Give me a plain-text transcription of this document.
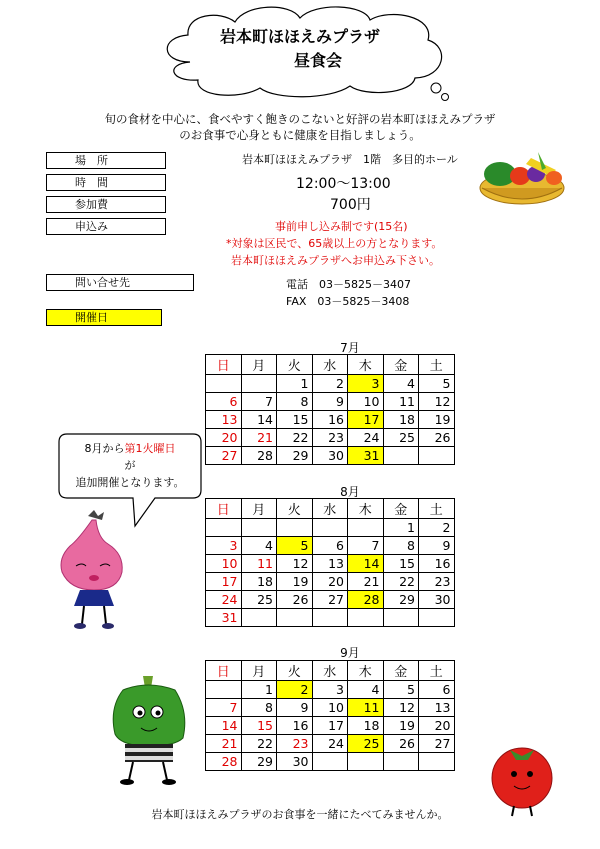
岩本町ほほえみプラザ
昼食会
旬の食材を中心に、食べやすく飽きのこないと好評の岩本町ほほえみプラザ
のお食事で心身ともに健康を目指しましょう。
場　所	岩本町ほほえみプラザ　1階　多目的ホール
時　間	12:00～13:00
参加費	700円
申込み	事前申し込み制です(15名)
*対象は区民で、65歳以上の方となります。
岩本町ほほえみプラザへお申込み下さい。
問い合せ先	電話　03－5825－3407
FAX　03－5825－3408
開催日
7月
日	月	火	水	木	金	土
		1	2	3	4	5
6	7	8	9	10	11	12
13	14	15	16	17	18	19
20	21	22	23	24	25	26
27	28	29	30	31		
8月
日	月	火	水	木	金	土
					1	2
3	4	5	6	7	8	9
10	11	12	13	14	15	16
17	18	19	20	21	22	23
24	25	26	27	28	29	30
31						
9月
日	月	火	水	木	金	土
	1	2	3	4	5	6
7	8	9	10	11	12	13
14	15	16	17	18	19	20
21	22	23	24	25	26	27
28	29	30				
8月から第1火曜日
が
追加開催となります。
岩本町ほほえみプラザのお食事を一緒にたべてみませんか。
